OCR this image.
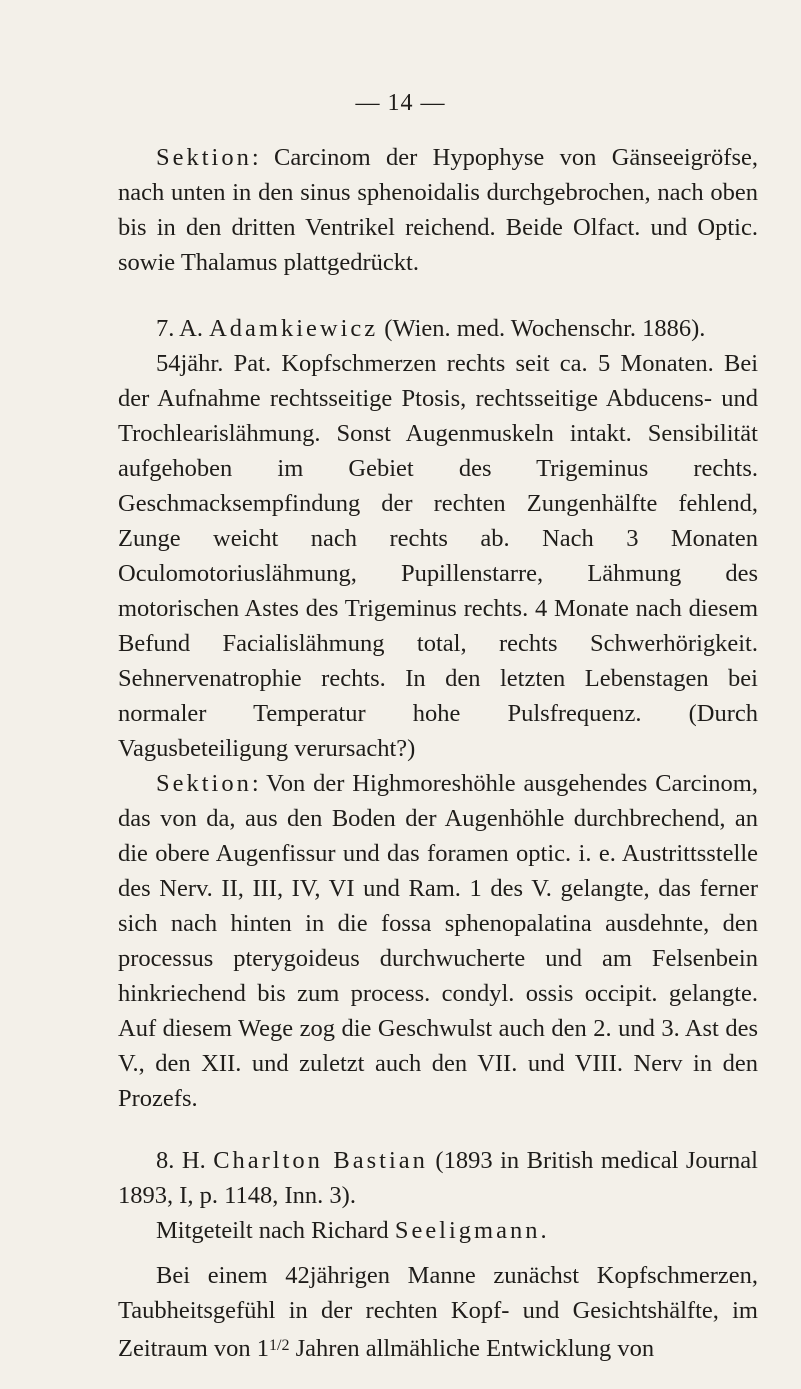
— 14 —

Sektion: Carcinom der Hypophyse von Gänseeigröfse, nach unten in den sinus sphenoidalis durchgebrochen, nach oben bis in den dritten Ventrikel reichend. Beide Olfact. und Optic. sowie Thalamus plattgedrückt.

7. A. Adamkiewicz (Wien. med. Wochenschr. 1886).

54jähr. Pat. Kopfschmerzen rechts seit ca. 5 Monaten. Bei der Aufnahme rechtsseitige Ptosis, rechtsseitige Abducens- und Trochlearislähmung. Sonst Augenmuskeln intakt. Sensibilität aufgehoben im Gebiet des Trigeminus rechts. Geschmacksempfindung der rechten Zungenhälfte fehlend, Zunge weicht nach rechts ab. Nach 3 Monaten Oculomotoriuslähmung, Pupillenstarre, Lähmung des motorischen Astes des Trigeminus rechts. 4 Monate nach diesem Befund Facialislähmung total, rechts Schwerhörigkeit. Sehnervenatrophie rechts. In den letzten Lebenstagen bei normaler Temperatur hohe Pulsfrequenz. (Durch Vagusbeteiligung verursacht?)

Sektion: Von der Highmoreshöhle ausgehendes Carcinom, das von da, aus den Boden der Augenhöhle durchbrechend, an die obere Augenfissur und das foramen optic. i. e. Austrittsstelle des Nerv. II, III, IV, VI und Ram. 1 des V. gelangte, das ferner sich nach hinten in die fossa sphenopalatina ausdehnte, den processus pterygoideus durchwucherte und am Felsenbein hinkriechend bis zum process. condyl. ossis occipit. gelangte. Auf diesem Wege zog die Geschwulst auch den 2. und 3. Ast des V., den XII. und zuletzt auch den VII. und VIII. Nerv in den Prozefs.

8. H. Charlton Bastian (1893 in British medical Journal 1893, I, p. 1148, Inn. 3).

Mitgeteilt nach Richard Seeligmann.

Bei einem 42jährigen Manne zunächst Kopfschmerzen, Taubheitsgefühl in der rechten Kopf- und Gesichtshälfte, im Zeitraum von $1^{1/2}$ Jahren allmähliche Entwicklung von
